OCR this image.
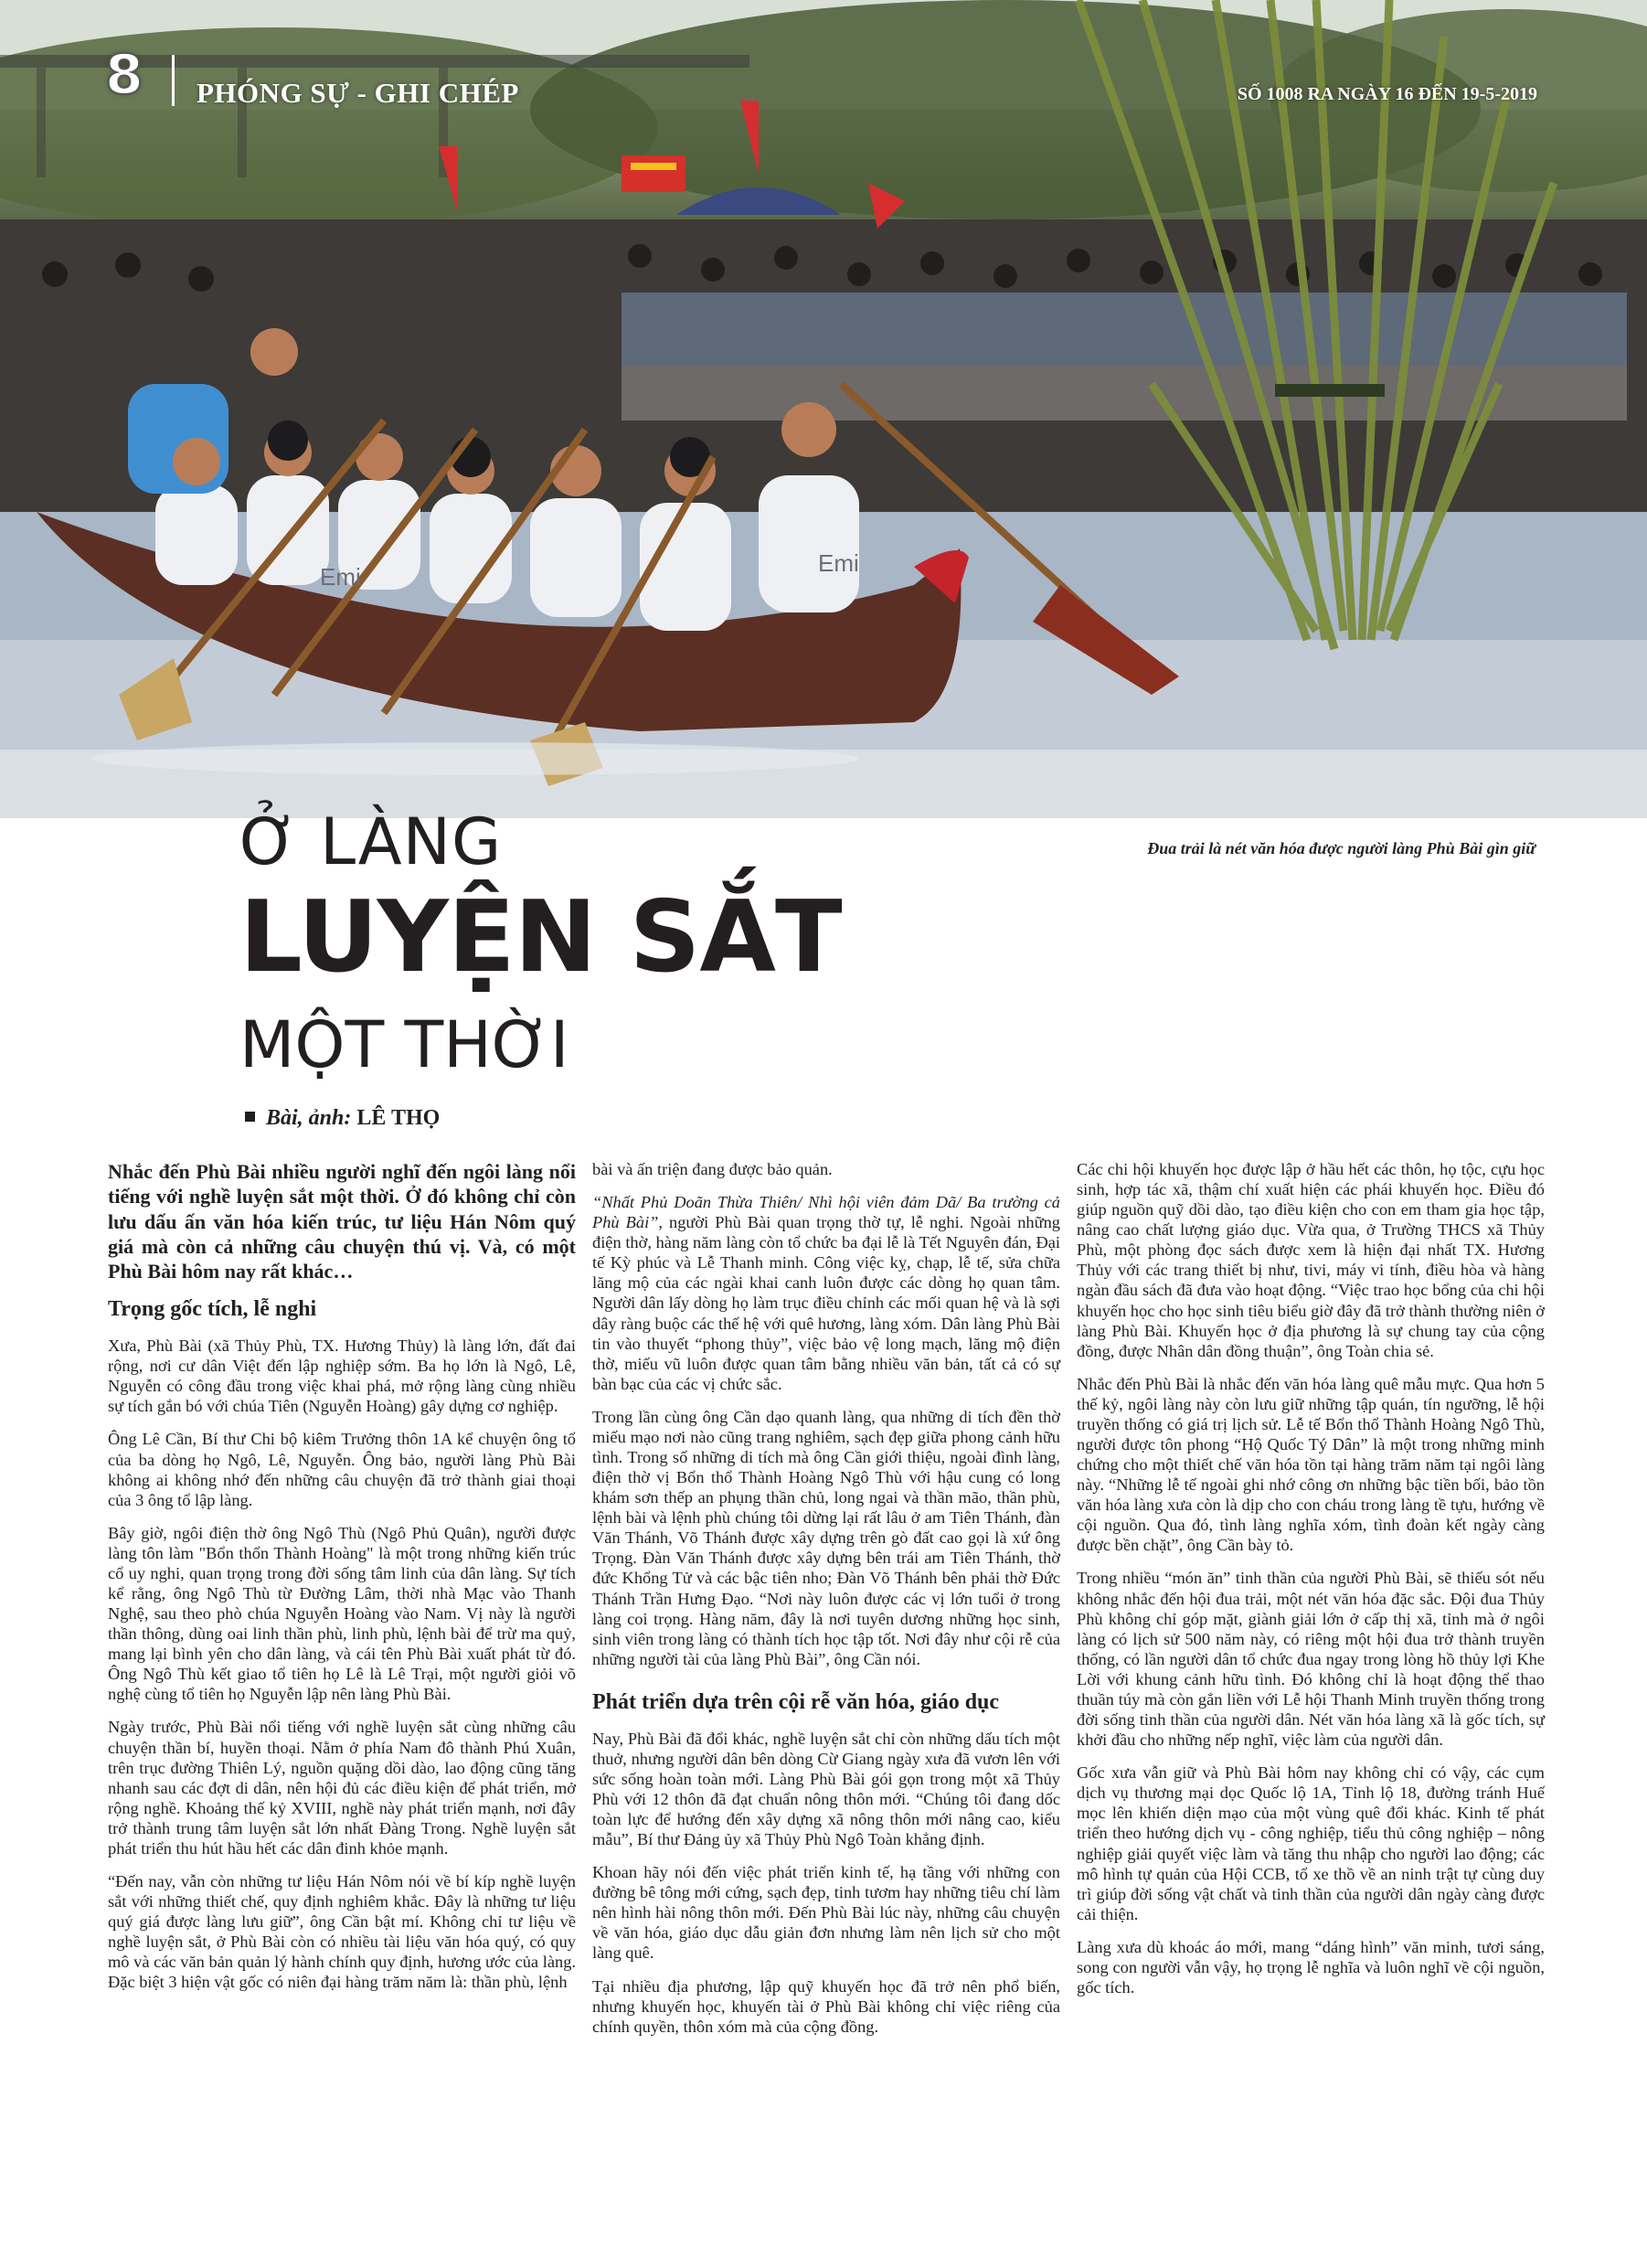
Emi	Emi
8 PHÓNG SỰ - GHI CHÉP	SỐ 1008 RA NGÀY 16 ĐẾN 19-5-2019
Ở LÀNG
LUYỆN SẮT
MỘT THỜI
Bài, ảnh: LÊ THỌ
Đua trải là nét văn hóa được người làng Phù Bài gìn giữ

Nhắc đến Phù Bài nhiều người nghĩ đến ngôi làng nổi tiếng với nghề luyện sắt một thời. Ở đó không chỉ còn lưu dấu ấn văn hóa kiến trúc, tư liệu Hán Nôm quý giá mà còn cả những câu chuyện thú vị. Và, có một Phù Bài hôm nay rất khác…

Trọng gốc tích, lễ nghi

Xưa, Phù Bài (xã Thủy Phù, TX. Hương Thủy) là làng lớn, đất đai rộng, nơi cư dân Việt đến lập nghiệp sớm. Ba họ lớn là Ngô, Lê, Nguyễn có công đầu trong việc khai phá, mở rộng làng cùng nhiều sự tích gắn bó với chúa Tiên (Nguyễn Hoàng) gây dựng cơ nghiệp.

Ông Lê Cần, Bí thư Chi bộ kiêm Trưởng thôn 1A kể chuyện ông tổ của ba dòng họ Ngô, Lê, Nguyễn. Ông bảo, người làng Phù Bài không ai không nhớ đến những câu chuyện đã trở thành giai thoại của 3 ông tổ lập làng.

Bây giờ, ngôi điện thờ ông Ngô Thù (Ngô Phủ Quân), người được làng tôn làm "Bổn thổn Thành Hoàng" là một trong những kiến trúc cổ uy nghi, quan trọng trong đời sống tâm linh của dân làng. Sự tích kể rằng, ông Ngô Thù từ Đường Lâm, thời nhà Mạc vào Thanh Nghệ, sau theo phò chúa Nguyễn Hoàng vào Nam. Vị này là người thần thông, dùng oai linh thần phù, linh phù, lệnh bài để trừ ma quỷ, mang lại bình yên cho dân làng, và cái tên Phù Bài xuất phát từ đó. Ông Ngô Thù kết giao tổ tiên họ Lê là Lê Trại, một người giỏi võ nghệ cùng tổ tiên họ Nguyễn lập nên làng Phù Bài.

Ngày trước, Phù Bài nổi tiếng với nghề luyện sắt cùng những câu chuyện thần bí, huyền thoại. Nằm ở phía Nam đô thành Phú Xuân, trên trục đường Thiên Lý, nguồn quặng dồi dào, lao động cũng tăng nhanh sau các đợt di dân, nên hội đủ các điều kiện để phát triển, mở rộng nghề. Khoảng thế kỷ XVIII, nghề này phát triển mạnh, nơi đây trở thành trung tâm luyện sắt lớn nhất Đàng Trong. Nghề luyện sắt phát triển thu hút hầu hết các dân đinh khỏe mạnh.

“Đến nay, vẫn còn những tư liệu Hán Nôm nói về bí kíp nghề luyện sắt với những thiết chế, quy định nghiêm khắc. Đây là những tư liệu quý giá được làng lưu giữ”, ông Cần bật mí. Không chỉ tư liệu về nghề luyện sắt, ở Phù Bài còn có nhiều tài liệu văn hóa quý, có quy mô và các văn bản quản lý hành chính quy định, hương ước của làng. Đặc biệt 3 hiện vật gốc có niên đại hàng trăm năm là: thần phù, lệnh

bài và ấn triện đang được bảo quản.

“Nhất Phủ Doãn Thừa Thiên/ Nhì hội viên đảm Dã/ Ba trường cả Phù Bài”, người Phù Bài quan trọng thờ tự, lễ nghi. Ngoài những điện thờ, hàng năm làng còn tổ chức ba đại lễ là Tết Nguyên đán, Đại tế Kỳ phúc và Lễ Thanh minh. Công việc kỵ, chạp, lễ tế, sửa chữa lăng mộ của các ngài khai canh luôn được các dòng họ quan tâm. Người dân lấy dòng họ làm trục điều chỉnh các mối quan hệ và là sợi dây ràng buộc các thế hệ với quê hương, làng xóm. Dân làng Phù Bài tin vào thuyết “phong thủy”, việc bảo vệ long mạch, lăng mộ điện thờ, miếu vũ luôn được quan tâm bằng nhiều văn bản, tất cả có sự bàn bạc của các vị chức sắc.

Trong lần cùng ông Cần dạo quanh làng, qua những di tích đền thờ miếu mạo nơi nào cũng trang nghiêm, sạch đẹp giữa phong cảnh hữu tình. Trong số những di tích mà ông Cần giới thiệu, ngoài đình làng, điện thờ vị Bổn thổ Thành Hoàng Ngô Thù với hậu cung có long khám sơn thếp an phụng thần chủ, long ngai và thần mão, thần phù, lệnh bài và lệnh phù chúng tôi dừng lại rất lâu ở am Tiên Thánh, đàn Văn Thánh, Võ Thánh được xây dựng trên gò đất cao gọi là xứ ông Trọng. Đàn Văn Thánh được xây dựng bên trái am Tiên Thánh, thờ đức Khổng Tử và các bậc tiên nho; Đàn Võ Thánh bên phải thờ Đức Thánh Trần Hưng Đạo. “Nơi này luôn được các vị lớn tuổi ở trong làng coi trọng. Hàng năm, đây là nơi tuyên dương những học sinh, sinh viên trong làng có thành tích học tập tốt. Nơi đây như cội rễ của những người tài của làng Phù Bài”, ông Cần nói.

Phát triển dựa trên cội rễ văn hóa, giáo dục

Nay, Phù Bài đã đổi khác, nghề luyện sắt chỉ còn những dấu tích một thuở, nhưng người dân bên dòng Cừ Giang ngày xưa đã vươn lên với sức sống hoàn toàn mới. Làng Phù Bài gói gọn trong một xã Thủy Phù với 12 thôn đã đạt chuẩn nông thôn mới. “Chúng tôi đang dốc toàn lực để hướng đến xây dựng xã nông thôn mới nâng cao, kiểu mẫu”, Bí thư Đảng ủy xã Thủy Phù Ngô Toàn khẳng định.

Khoan hãy nói đến việc phát triển kinh tế, hạ tầng với những con đường bê tông mới cứng, sạch đẹp, tinh tươm hay những tiêu chí làm nên hình hài nông thôn mới. Đến Phù Bài lúc này, những câu chuyện về văn hóa, giáo dục dẫu giản đơn nhưng làm nên lịch sử cho một làng quê.

Tại nhiều địa phương, lập quỹ khuyến học đã trở nên phổ biến, nhưng khuyến học, khuyến tài ở Phù Bài không chỉ việc riêng của chính quyền, thôn xóm mà của cộng đồng.

Các chi hội khuyến học được lập ở hầu hết các thôn, họ tộc, cựu học sinh, hợp tác xã, thậm chí xuất hiện các phái khuyến học. Điều đó giúp nguồn quỹ dồi dào, tạo điều kiện cho con em tham gia học tập, nâng cao chất lượng giáo dục. Vừa qua, ở Trường THCS xã Thủy Phù, một phòng đọc sách được xem là hiện đại nhất TX. Hương Thủy với các trang thiết bị như, tivi, máy vi tính, điều hòa và hàng ngàn đầu sách đã đưa vào hoạt động. “Việc trao học bổng của chi hội khuyến học cho học sinh tiêu biểu giờ đây đã trở thành thường niên ở làng Phù Bài. Khuyến học ở địa phương là sự chung tay của cộng đồng, được Nhân dân đồng thuận”, ông Toàn chia sẻ.

Nhắc đến Phù Bài là nhắc đến văn hóa làng quê mẫu mực. Qua hơn 5 thế kỷ, ngôi làng này còn lưu giữ những tập quán, tín ngưỡng, lễ hội truyền thống có giá trị lịch sử. Lễ tế Bổn thổ Thành Hoàng Ngô Thù, người được tôn phong “Hộ Quốc Tý Dân” là một trong những minh chứng cho một thiết chế văn hóa tồn tại hàng trăm năm tại ngôi làng này. “Những lễ tế ngoài ghi nhớ công ơn những bậc tiền bối, bảo tồn văn hóa làng xưa còn là dịp cho con cháu trong làng tề tựu, hướng về cội nguồn. Qua đó, tình làng nghĩa xóm, tình đoàn kết ngày càng được bền chặt”, ông Cần bày tỏ.

Trong nhiều “món ăn” tinh thần của người Phù Bài, sẽ thiếu sót nếu không nhắc đến hội đua trải, một nét văn hóa đặc sắc. Đội đua Thủy Phù không chỉ góp mặt, giành giải lớn ở cấp thị xã, tỉnh mà ở ngôi làng có lịch sử 500 năm này, có riêng một hội đua trở thành truyền thống, có lần người dân tổ chức đua ngay trong lòng hồ thủy lợi Khe Lời với khung cảnh hữu tình. Đó không chỉ là hoạt động thể thao thuần túy mà còn gắn liền với Lễ hội Thanh Minh truyền thống trong đời sống tinh thần của người dân. Nét văn hóa làng xã là gốc tích, sự khởi đầu cho những nếp nghĩ, việc làm của người dân.

Gốc xưa vẫn giữ và Phù Bài hôm nay không chỉ có vậy, các cụm dịch vụ thương mại dọc Quốc lộ 1A, Tỉnh lộ 18, đường tránh Huế mọc lên khiến diện mạo của một vùng quê đổi khác. Kinh tế phát triển theo hướng dịch vụ - công nghiệp, tiểu thủ công nghiệp – nông nghiệp giải quyết việc làm và tăng thu nhập cho người lao động; các mô hình tự quản của Hội CCB, tổ xe thồ về an ninh trật tự cùng duy trì giúp đời sống vật chất và tinh thần của người dân ngày càng được cải thiện.

Làng xưa dù khoác áo mới, mang “dáng hình” văn minh, tươi sáng, song con người vẫn vậy, họ trọng lễ nghĩa và luôn nghĩ về cội nguồn, gốc tích.
